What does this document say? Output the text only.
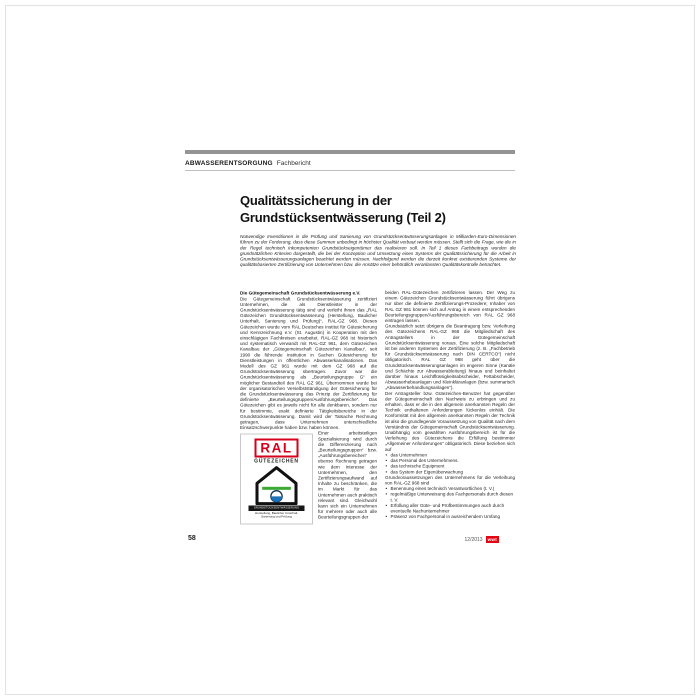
ABWASSERENTSORGUNG Fachbericht
Qualitätssicherung in der
Grundstücksentwässerung (Teil 2)
Notwendige Investitionen in die Prüfung und Sanierung von Grundstücksentwässerungsanlagen in Milliarden-Euro-Dimensionen führen zu der Forderung, dass diese Summen unbedingt in höchster Qualität verbaut werden müssen. Stellt sich die Frage, wie die in der Regel technisch inkompetenten Grundstückseigentümer das realisieren soll. In Teil 1 dieses Fachbeitrags wurden die grundsätzlichen Kriterien dargestellt, die bei der Konzeption und Umsetzung eines Systems der Qualitätssicherung für die Arbeit in Grundstücksentwässerungsanlagen beachtet werden müssen. Nachfolgend werden die derzeit konkret existierenden Systeme der qualitätsbasierten Zertifizierung von Unternehmen bzw. die Ansätze einer behördlich veranlassten Qualitätskontrolle betrachtet.
Die Gütegemeinschaft Grundstücksentwässerung e.V.

Die Gütegemeinschaft Grundstücksentwässerung zertifiziert Unternehmen, die als Dienstleister in der Grundstücksentwässerung tätig sind und verleiht ihnen das „RAL Gütezeichen Grundstücksentwässerung (Herstellung, Baulicher Unterhalt, Sanierung und Prüfung)“, RAL-GZ 968. Dieses Gütezeichen wurde vom RAL Deutsches Institut für Gütesicherung und Kennzeichnung e.V. (St. Augustin) in Kooperation mit den einschlägigen Fachkreisen erarbeitet. RAL-GZ 968 ist historisch und systematisch verwandt mit RAL-GZ 961, dem Gütezeichen Kanalbau der „Gütegemeinschaft Gütezeichen Kanalbau“, seit 1990 die führende Institution in Sachen Gütesicherung für Dienstleistungen in öffentlichen Abwasserkanalisationen. Das Modell des GZ 961 wurde mit dem GZ 968 auf die Grundstücksentwässerung übertragen. Zuvor war die Grundstücksentwässerung als „Beurteilungsgruppe G“ ein möglicher Bestandteil des RAL GZ 961. Übernommen wurde bei der organisatorischen Verselbstständigung der Gütesicherung für die Grundstücksentwässerung das Prinzip der Zertifizierung für definierte „Beurteilungsgruppen/Ausführungsbereiche“. Das Gütezeichen gibt es jeweils nicht für alle denkbaren, sondern nur für bestimmte, exakt definierte Tätigkeitsbereiche in der Grundstücksentwässerung. Damit wird der Tatsache Rechnung getragen, dass Unternehmen unterschiedliche Einsatzschwerpunkte haben bzw. haben können.

RAL
GÜTEZEICHEN
GRUNDSTÜCKSENTWÄSSERUNG
Herstellung, Baulicher Unterhalt,
Sanierung und Prüfung

Einer arbeitsteiligen Spezialisierung wird durch die Differenzierung nach „Beurteilungsgruppen“ bzw. „Ausführungsbereichen“ ebenso Rechnung getragen wie dem Interesse der Unternehmen, den Zertifizierungsaufwand auf Inhalte zu beschränken, die im Markt für das Unternehmen auch praktisch relevant sind. Gleichwohl kann sich ein Unternehmen für mehrere oder auch alle Beurteilungsgruppen der

beiden RAL-Gütezeichen zertifizieren lassen. Der Weg zu einem Gütezeichen Grundstücksentwässerung führt übrigens nur über die definierte Zertifizierungs-Prozedere; Inhaber von RAL GZ 961 können sich auf Antrag in einem entsprechenden Beurteilungsgruppen/Ausführungsbereich von RAL GZ 968 eintragen lassen.

Grundsätzlich setzt übrigens die Beantragung bzw. Verleihung des Gütezeichens RAL-GZ 968 die Mitgliedschaft des Antragstellers in der Gütegemeinschaft Grundstücksentwässerung voraus. Eine solche Mitgliedschaft ist bei anderen Systemen der Zertifizierung (z. B. „Fachbetrieb für Grundstücksentwässerung nach DIN CERTCO“) nicht obligatorisch. RAL GZ 968 geht über die Grundstücksentwässerungsanlagen im engeren Sinne (Kanäle und Schächte zur Abwasserableitung) hinaus und beinhaltet darüber hinaus Leichtflüssigkeitsabscheider, Fettabscheider, Abwasserhebeanlagen und Kleinkläranlagen (bzw. summarisch „Abwasserbehandlungsanlagen“).

Der Antragsteller bzw. Gütezeichen-Benutzer hat gegenüber der Gütegemeinschaft den Nachweis zu erbringen und zu erhalten, dass er die in den allgemein anerkannten Regeln der Technik enthaltenen Anforderungen lückenlos einhält. Die Konformität mit den allgemein anerkannten Regeln der Technik ist also die grundlegende Voraussetzung von Qualität nach dem Verständnis der Gütegemeinschaft Grundstücksentwässerung. Unabhängig vom gewählten Ausführungsbereich ist für die Verleihung des Gütezeichens die Erfüllung bestimmter „Allgemeiner Anforderungen“ obligatorisch. Diese beziehen sich auf

• das Unternehmen
• das Personal des Unternehmens.
• das technische Equipment
• das System der Eigenüberwachung

Grundvoraussetzungen des Unternehmens für die Verleihung von RAL-GZ 968 sind

• Benennung eines technisch Verantwortlichen (t. V.)
• regelmäßige Unterweisung des Fachpersonals durch diesen t. V.
• Erfüllung aller Güte- und Prüfbestimmungen auch durch eventuelle Nachunternehmer
• Präsenz von Fachpersonal in ausreichendem Umfang
58	12/2013	wwt
